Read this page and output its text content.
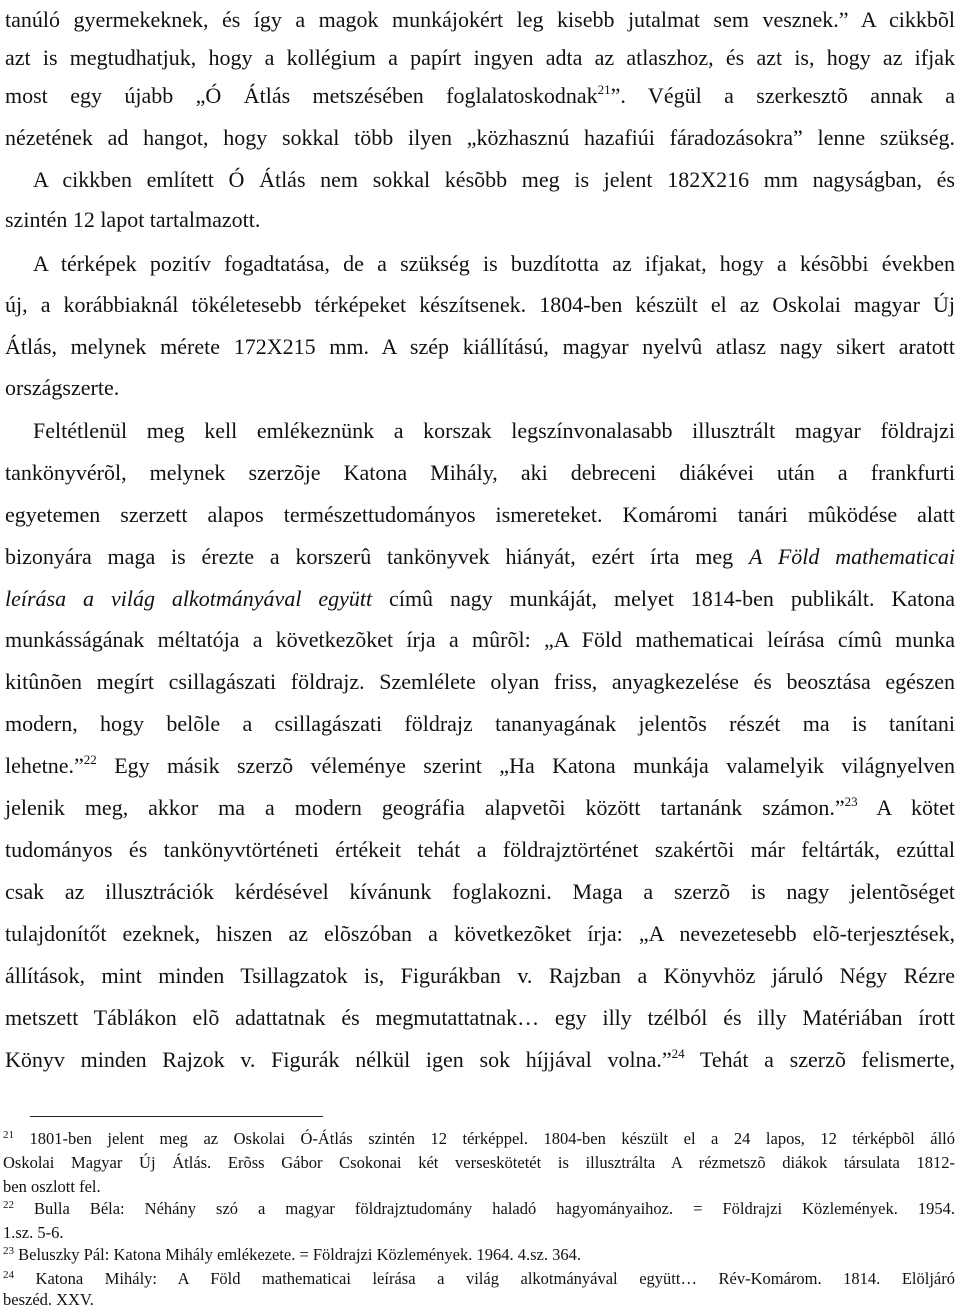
tanúló gyermekeknek, és így a magok munkájokért leg kisebb jutalmat sem vesznek.” A cikkbõl

azt is megtudhatjuk, hogy a kollégium a papírt ingyen adta az atlaszhoz, és azt is, hogy az ifjak

most egy újabb „Ó Átlás metszésében foglalatoskodnak$^{21}$”. Végül a szerkesztõ annak a

nézetének ad hangot, hogy sokkal több ilyen „közhasznú hazafiúi fáradozásokra” lenne szükség.

A cikkben említett Ó Átlás nem sokkal késõbb meg is jelent 182X216 mm nagyságban, és

szintén 12 lapot tartalmazott.

A térképek pozitív fogadtatása, de a szükség is buzdította az ifjakat, hogy a késõbbi években

új, a korábbiaknál tökéletesebb térképeket készítsenek. 1804-ben készült el az Oskolai magyar Új

Átlás, melynek mérete 172X215 mm. A szép kiállítású, magyar nyelvû atlasz nagy sikert aratott

országszerte.

Feltétlenül meg kell emlékeznünk a korszak legszínvonalasabb illusztrált magyar földrajzi

tankönyvérõl, melynek szerzõje Katona Mihály, aki debreceni diákévei után a frankfurti

egyetemen szerzett alapos természettudományos ismereteket. Komáromi tanári mûködése alatt

bizonyára maga is érezte a korszerû tankönyvek hiányát, ezért írta meg A Föld mathematicai

leírása a világ alkotmányával együtt címû nagy munkáját, melyet 1814-ben publikált. Katona

munkásságának méltatója a következõket írja a mûrõl: „A Föld mathematicai leírása címû munka

kitûnõen megírt csillagászati földrajz. Szemlélete olyan friss, anyagkezelése és beosztása egészen

modern, hogy belõle a csillagászati földrajz tananyagának jelentõs részét ma is tanítani

lehetne.”$^{22}$ Egy másik szerzõ véleménye szerint „Ha Katona munkája valamelyik világnyelven

jelenik meg, akkor ma a modern geográfia alapvetõi között tartanánk számon.”$^{23}$ A kötet

tudományos és tankönyvtörténeti értékeit tehát a földrajztörténet szakértõi már feltárták, ezúttal

csak az illusztrációk kérdésével kívánunk foglakozni. Maga a szerzõ is nagy jelentõséget

tulajdonítőt ezeknek, hiszen az elõszóban a következõket írja: „A nevezetesebb elõ-terjesztések,

állítások, mint minden Tsillagzatok is, Figurákban v. Rajzban a Könyvhöz járuló Négy Rézre

metszett Táblákon elõ adattatnak és megmutattatnak… egy illy tzélból és illy Matériában írott

Könyv minden Rajzok v. Figurák nélkül igen sok híjjával volna.”$^{24}$ Tehát a szerzõ felismerte,

$^{21}$ 1801-ben jelent meg az Oskolai Ó-Átlás szintén 12 térképpel. 1804-ben készült el a 24 lapos, 12 térképbõl álló

Oskolai Magyar Új Átlás. Erõss Gábor Csokonai két verseskötetét is illusztrálta A rézmetszõ diákok társulata 1812-

ben oszlott fel.

$^{22}$ Bulla Béla: Néhány szó a magyar földrajztudomány haladó hagyományaihoz. = Földrajzi Közlemények. 1954.

1.sz. 5-6.

$^{23}$ Beluszky Pál: Katona Mihály emlékezete. = Földrajzi Közlemények. 1964. 4.sz. 364.

$^{24}$ Katona Mihály: A Föld mathematicai leírása a világ alkotmányával együtt… Rév-Komárom. 1814. Elöljáró

beszéd. XXV.
